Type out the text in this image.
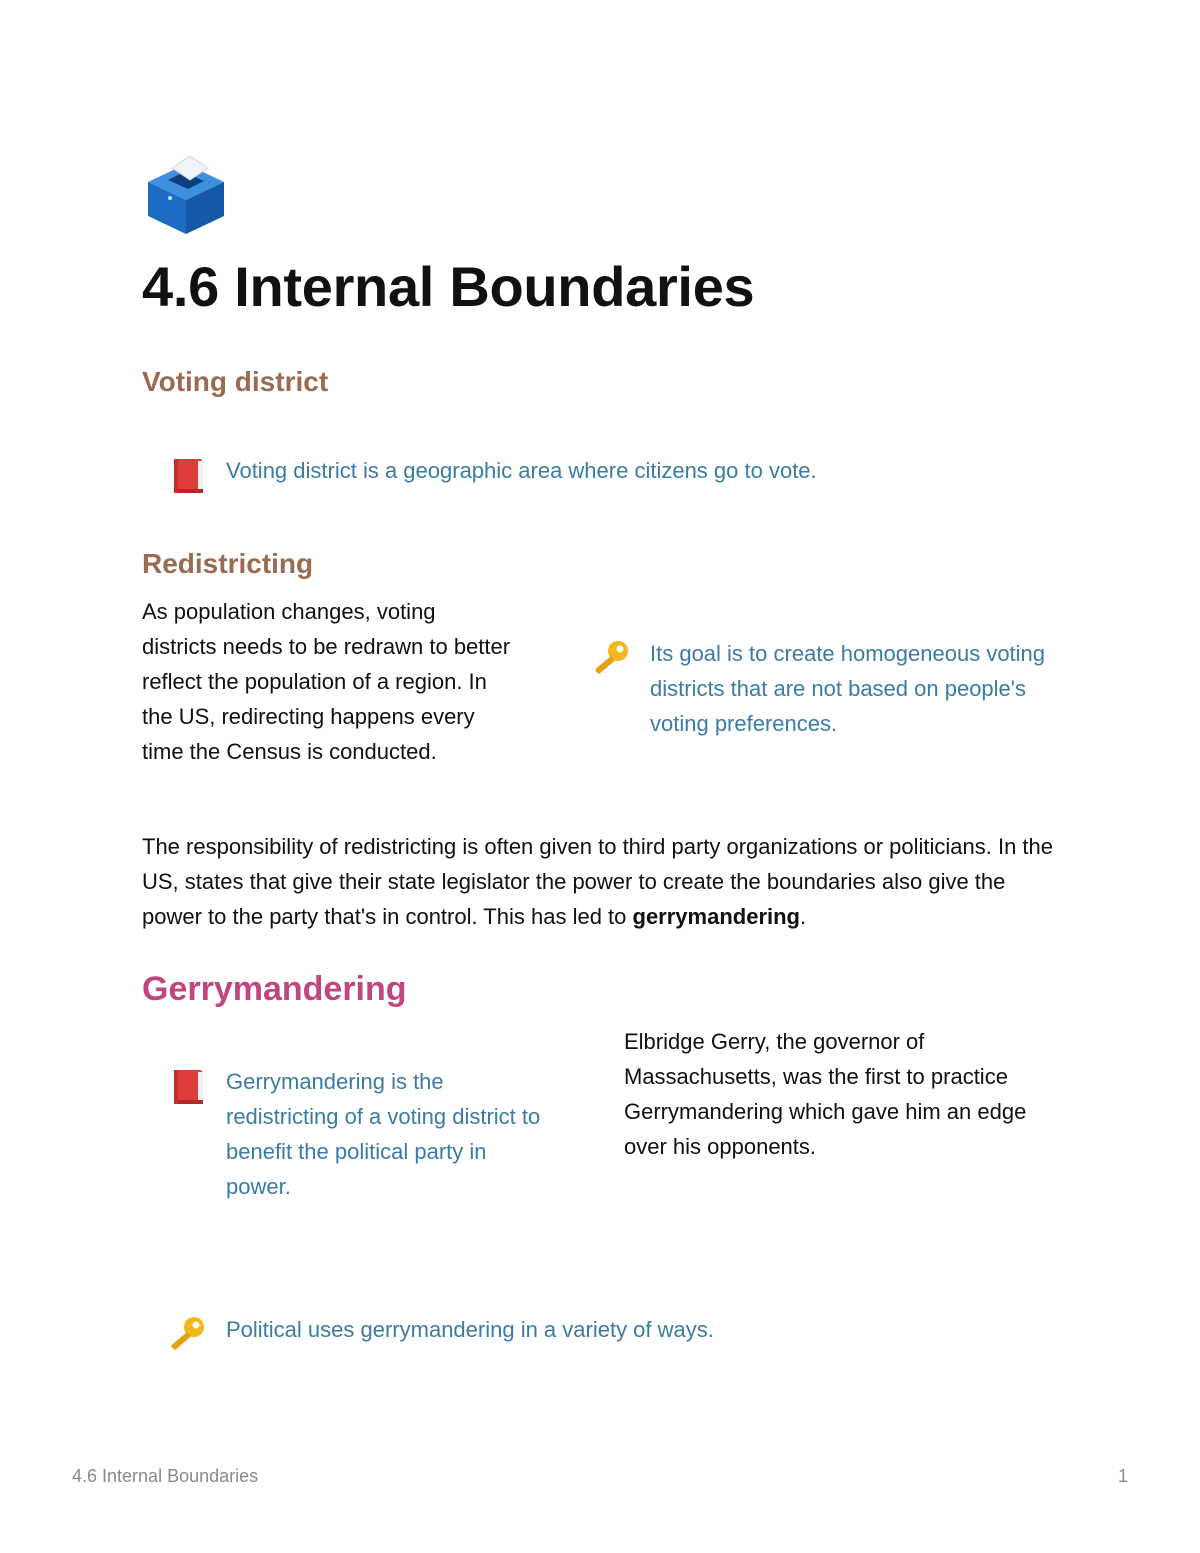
4.6 Internal Boundaries
Voting district
Voting district is a geographic area where citizens go to vote.
Redistricting

As population changes, voting districts needs to be redrawn to better reflect the population of a region. In the US, redirecting happens every time the Census is conducted.

Its goal is to create homogeneous voting districts that are not based on people's voting preferences.

The responsibility of redistricting is often given to third party organizations or politicians. In the US, states that give their state legislator the power to create the boundaries also give the power to the party that's in control. This has led to gerrymandering.

Gerrymandering
Gerrymandering is the redistricting of a voting district to benefit the political party in power.

Elbridge Gerry, the governor of Massachusetts, was the first to practice Gerrymandering which gave him an edge over his opponents.

Political uses gerrymandering in a variety of ways.
4.6 Internal Boundaries	1
